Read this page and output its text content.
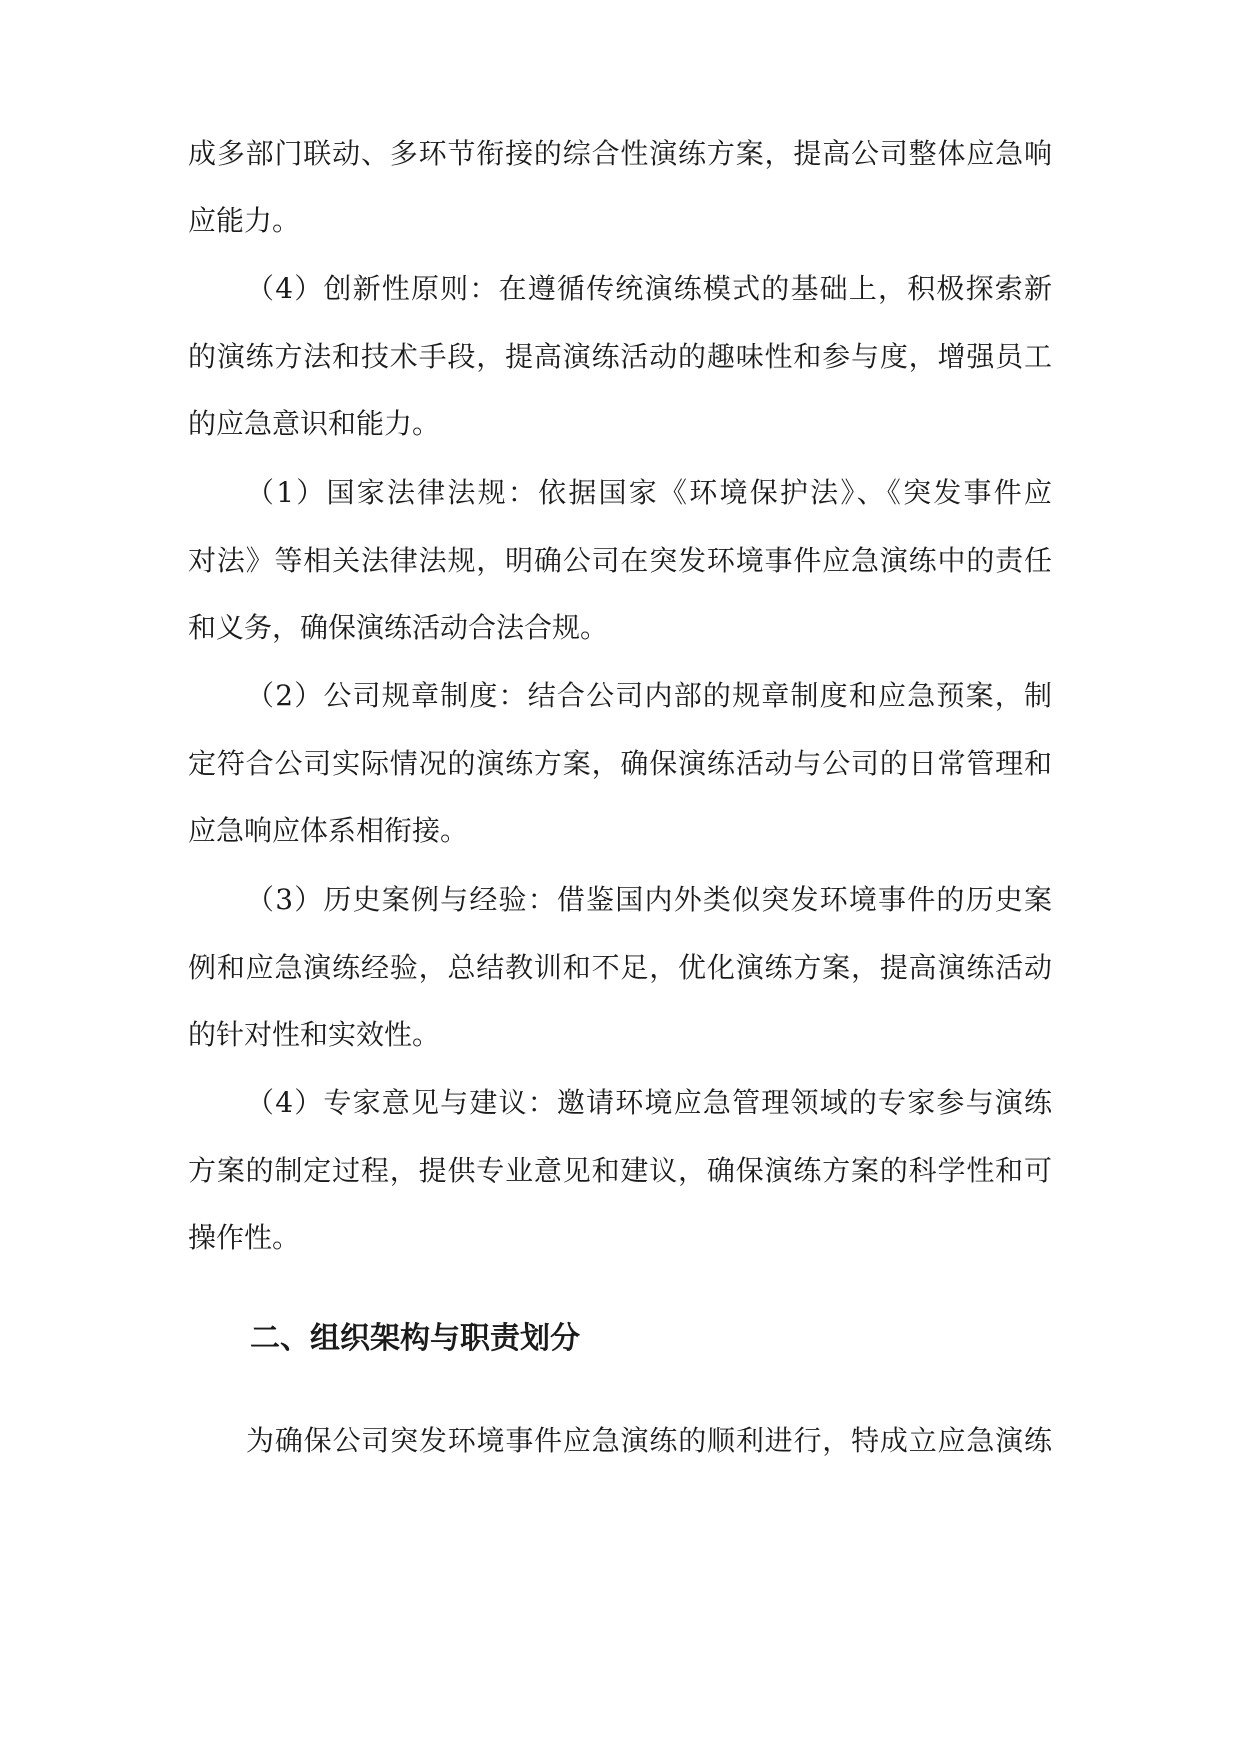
成多部门联动、多环节衔接的综合性演练方案，提高公司整体应急响
应能力。
（4）创新性原则：在遵循传统演练模式的基础上，积极探索新
的演练方法和技术手段，提高演练活动的趣味性和参与度，增强员工
的应急意识和能力。
（1）国家法律法规：依据国家《环境保护法》、《突发事件应
对法》等相关法律法规，明确公司在突发环境事件应急演练中的责任
和义务，确保演练活动合法合规。
（2）公司规章制度：结合公司内部的规章制度和应急预案，制
定符合公司实际情况的演练方案，确保演练活动与公司的日常管理和
应急响应体系相衔接。
（3）历史案例与经验：借鉴国内外类似突发环境事件的历史案
例和应急演练经验，总结教训和不足，优化演练方案，提高演练活动
的针对性和实效性。
（4）专家意见与建议：邀请环境应急管理领域的专家参与演练
方案的制定过程，提供专业意见和建议，确保演练方案的科学性和可
操作性。
二、组织架构与职责划分
为确保公司突发环境事件应急演练的顺利进行，特成立应急演练
